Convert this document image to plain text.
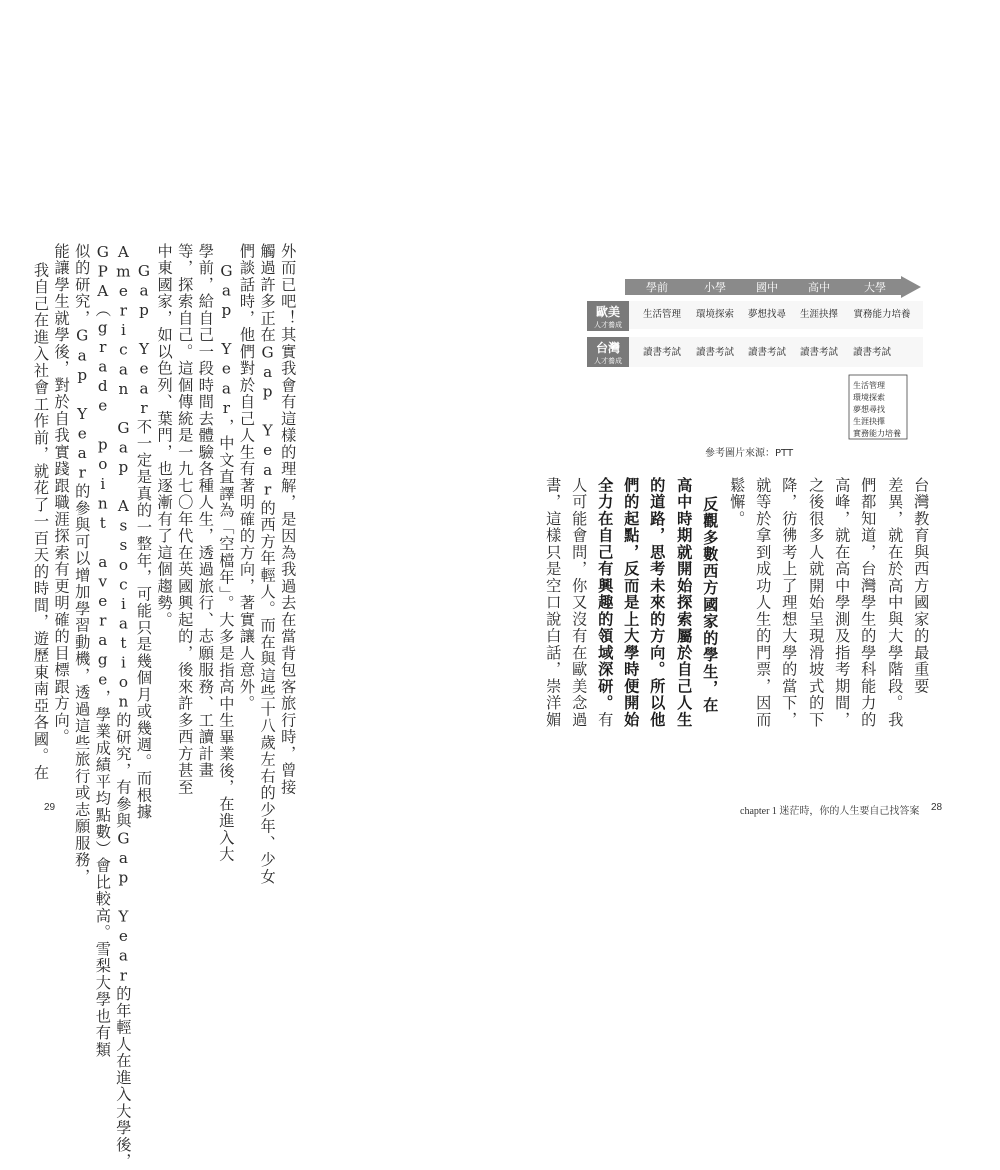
29	chapter 1 迷茫時，你的人生要自己找答案 28
學前	小學	國中	高中	大學
歐美
人才養成
台灣
人才養成
生活管理 環境探索 夢想找尋 生涯抉擇 實務能力培養
讀書考試 讀書考試 讀書考試 讀書考試 讀書考試
生活管理
環境探索
夢想尋找
生涯抉擇
實務能力培養
參考圖片來源：PTT
台灣教育與西方國家的最重要
差異，就在於高中與大學階段。我
們都知道，台灣學生的學科能力的
高峰，就在高中學測及指考期間，
之後很多人就開始呈現滑坡式的下
降，彷彿考上了理想大學的當下，
就等於拿到成功人生的門票，因而
鬆懈。
反觀多數西方國家的學生，在
高中時期就開始探索屬於自己人生
的道路，思考未來的方向。所以他
們的起點，反而是上大學時便開始
全力在自己有興趣的領域深研。有
人可能會問，你又沒有在歐美念過
書，這樣只是空口說白話，崇洋媚
外而已吧！其實我會有這樣的理解，是因為我過去在當背包客旅行時，曾接
觸過許多正在Gap Year的西方年輕人。而在與這些十八歲左右的少年、少女
們談話時，他們對於自己人生有著明確的方向，著實讓人意外。
Gap Year，中文直譯為「空檔年」。大多是指高中生畢業後，在進入大
學前，給自己一段時間去體驗各種人生，透過旅行、志願服務、工讀計畫
等，探索自己。這個傳統是一九七〇年代在英國興起的，後來許多西方甚至
中東國家，如以色列、葉門，也逐漸有了這個趨勢。
Gap Year不一定是真的一整年，可能只是幾個月或幾週。而根據
American Gap Association的研究，有參與Gap Year的年輕人在進入大學後，
GPA（grade point average，學業成績平均點數）會比較高。雪梨大學也有類
似的研究，Gap Year的參與可以增加學習動機，透過這些旅行或志願服務，
能讓學生就學後，對於自我實踐跟職涯探索有更明確的目標跟方向。
我自己在進入社會工作前，就花了一百天的時間，遊歷東南亞各國。在
